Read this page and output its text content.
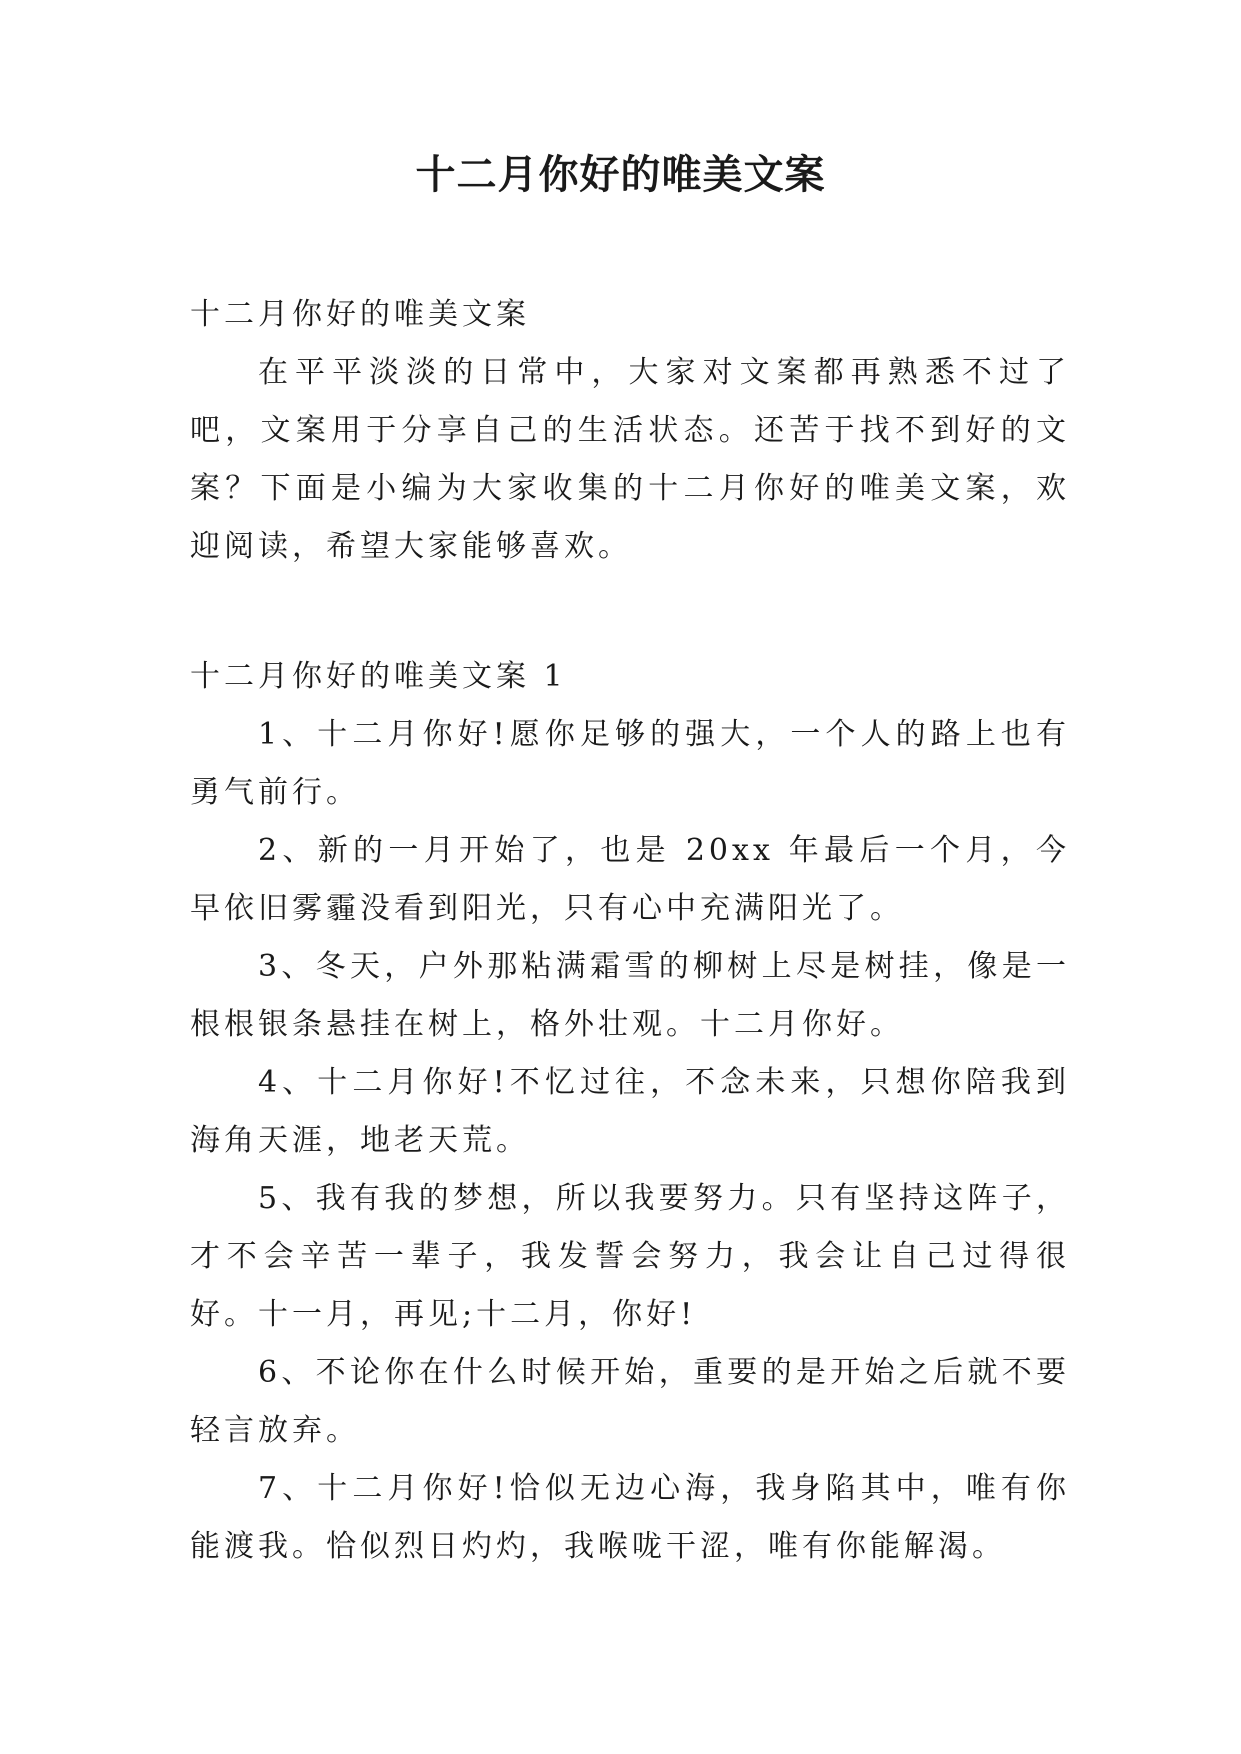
十二月你好的唯美文案

十二月你好的唯美文案

在平平淡淡的日常中，大家对文案都再熟悉不过了吧，文案用于分享自己的生活状态。还苦于找不到好的文案？下面是小编为大家收集的十二月你好的唯美文案，欢迎阅读，希望大家能够喜欢。

十二月你好的唯美文案 1

1、十二月你好!愿你足够的强大，一个人的路上也有勇气前行。

2、新的一月开始了，也是 20xx 年最后一个月，今早依旧雾霾没看到阳光，只有心中充满阳光了。

3、冬天，户外那粘满霜雪的柳树上尽是树挂，像是一根根银条悬挂在树上，格外壮观。十二月你好。

4、十二月你好!不忆过往，不念未来，只想你陪我到海角天涯，地老天荒。

5、我有我的梦想，所以我要努力。只有坚持这阵子，才不会辛苦一辈子，我发誓会努力，我会让自己过得很好。十一月，再见;十二月，你好!

6、不论你在什么时候开始，重要的是开始之后就不要轻言放弃。

7、十二月你好!恰似无边心海，我身陷其中，唯有你能渡我。恰似烈日灼灼，我喉咙干涩，唯有你能解渴。
